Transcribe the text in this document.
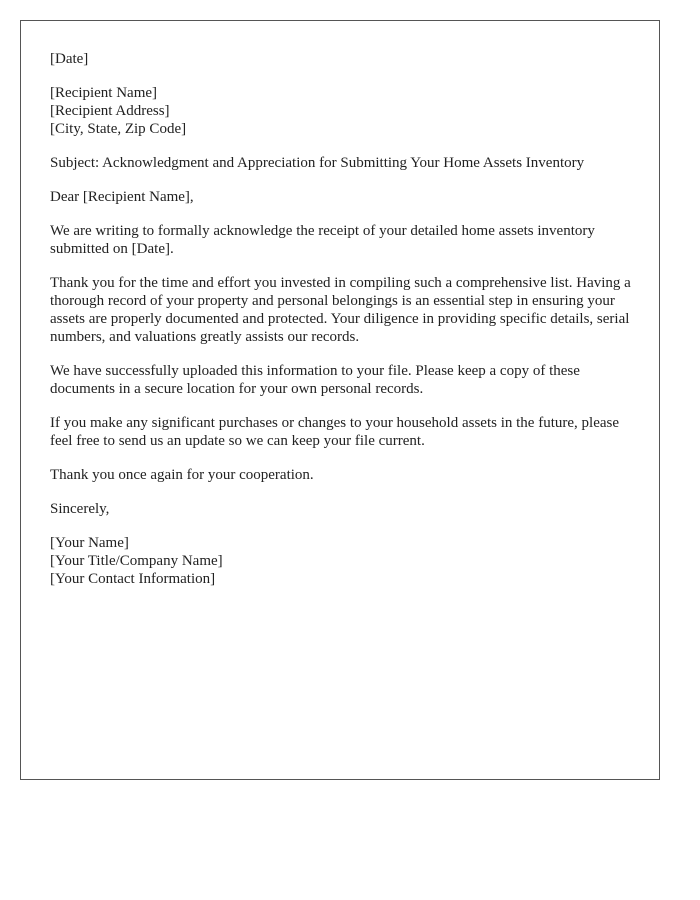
[Date]

[Recipient Name]
[Recipient Address]
[City, State, Zip Code]

Subject: Acknowledgment and Appreciation for Submitting Your Home Assets Inventory

Dear [Recipient Name],

We are writing to formally acknowledge the receipt of your detailed home assets inventory submitted on [Date].

Thank you for the time and effort you invested in compiling such a comprehensive list. Having a thorough record of your property and personal belongings is an essential step in ensuring your assets are properly documented and protected. Your diligence in providing specific details, serial numbers, and valuations greatly assists our records.

We have successfully uploaded this information to your file. Please keep a copy of these documents in a secure location for your own personal records.

If you make any significant purchases or changes to your household assets in the future, please feel free to send us an update so we can keep your file current.

Thank you once again for your cooperation.

Sincerely,

[Your Name]
[Your Title/Company Name]
[Your Contact Information]
